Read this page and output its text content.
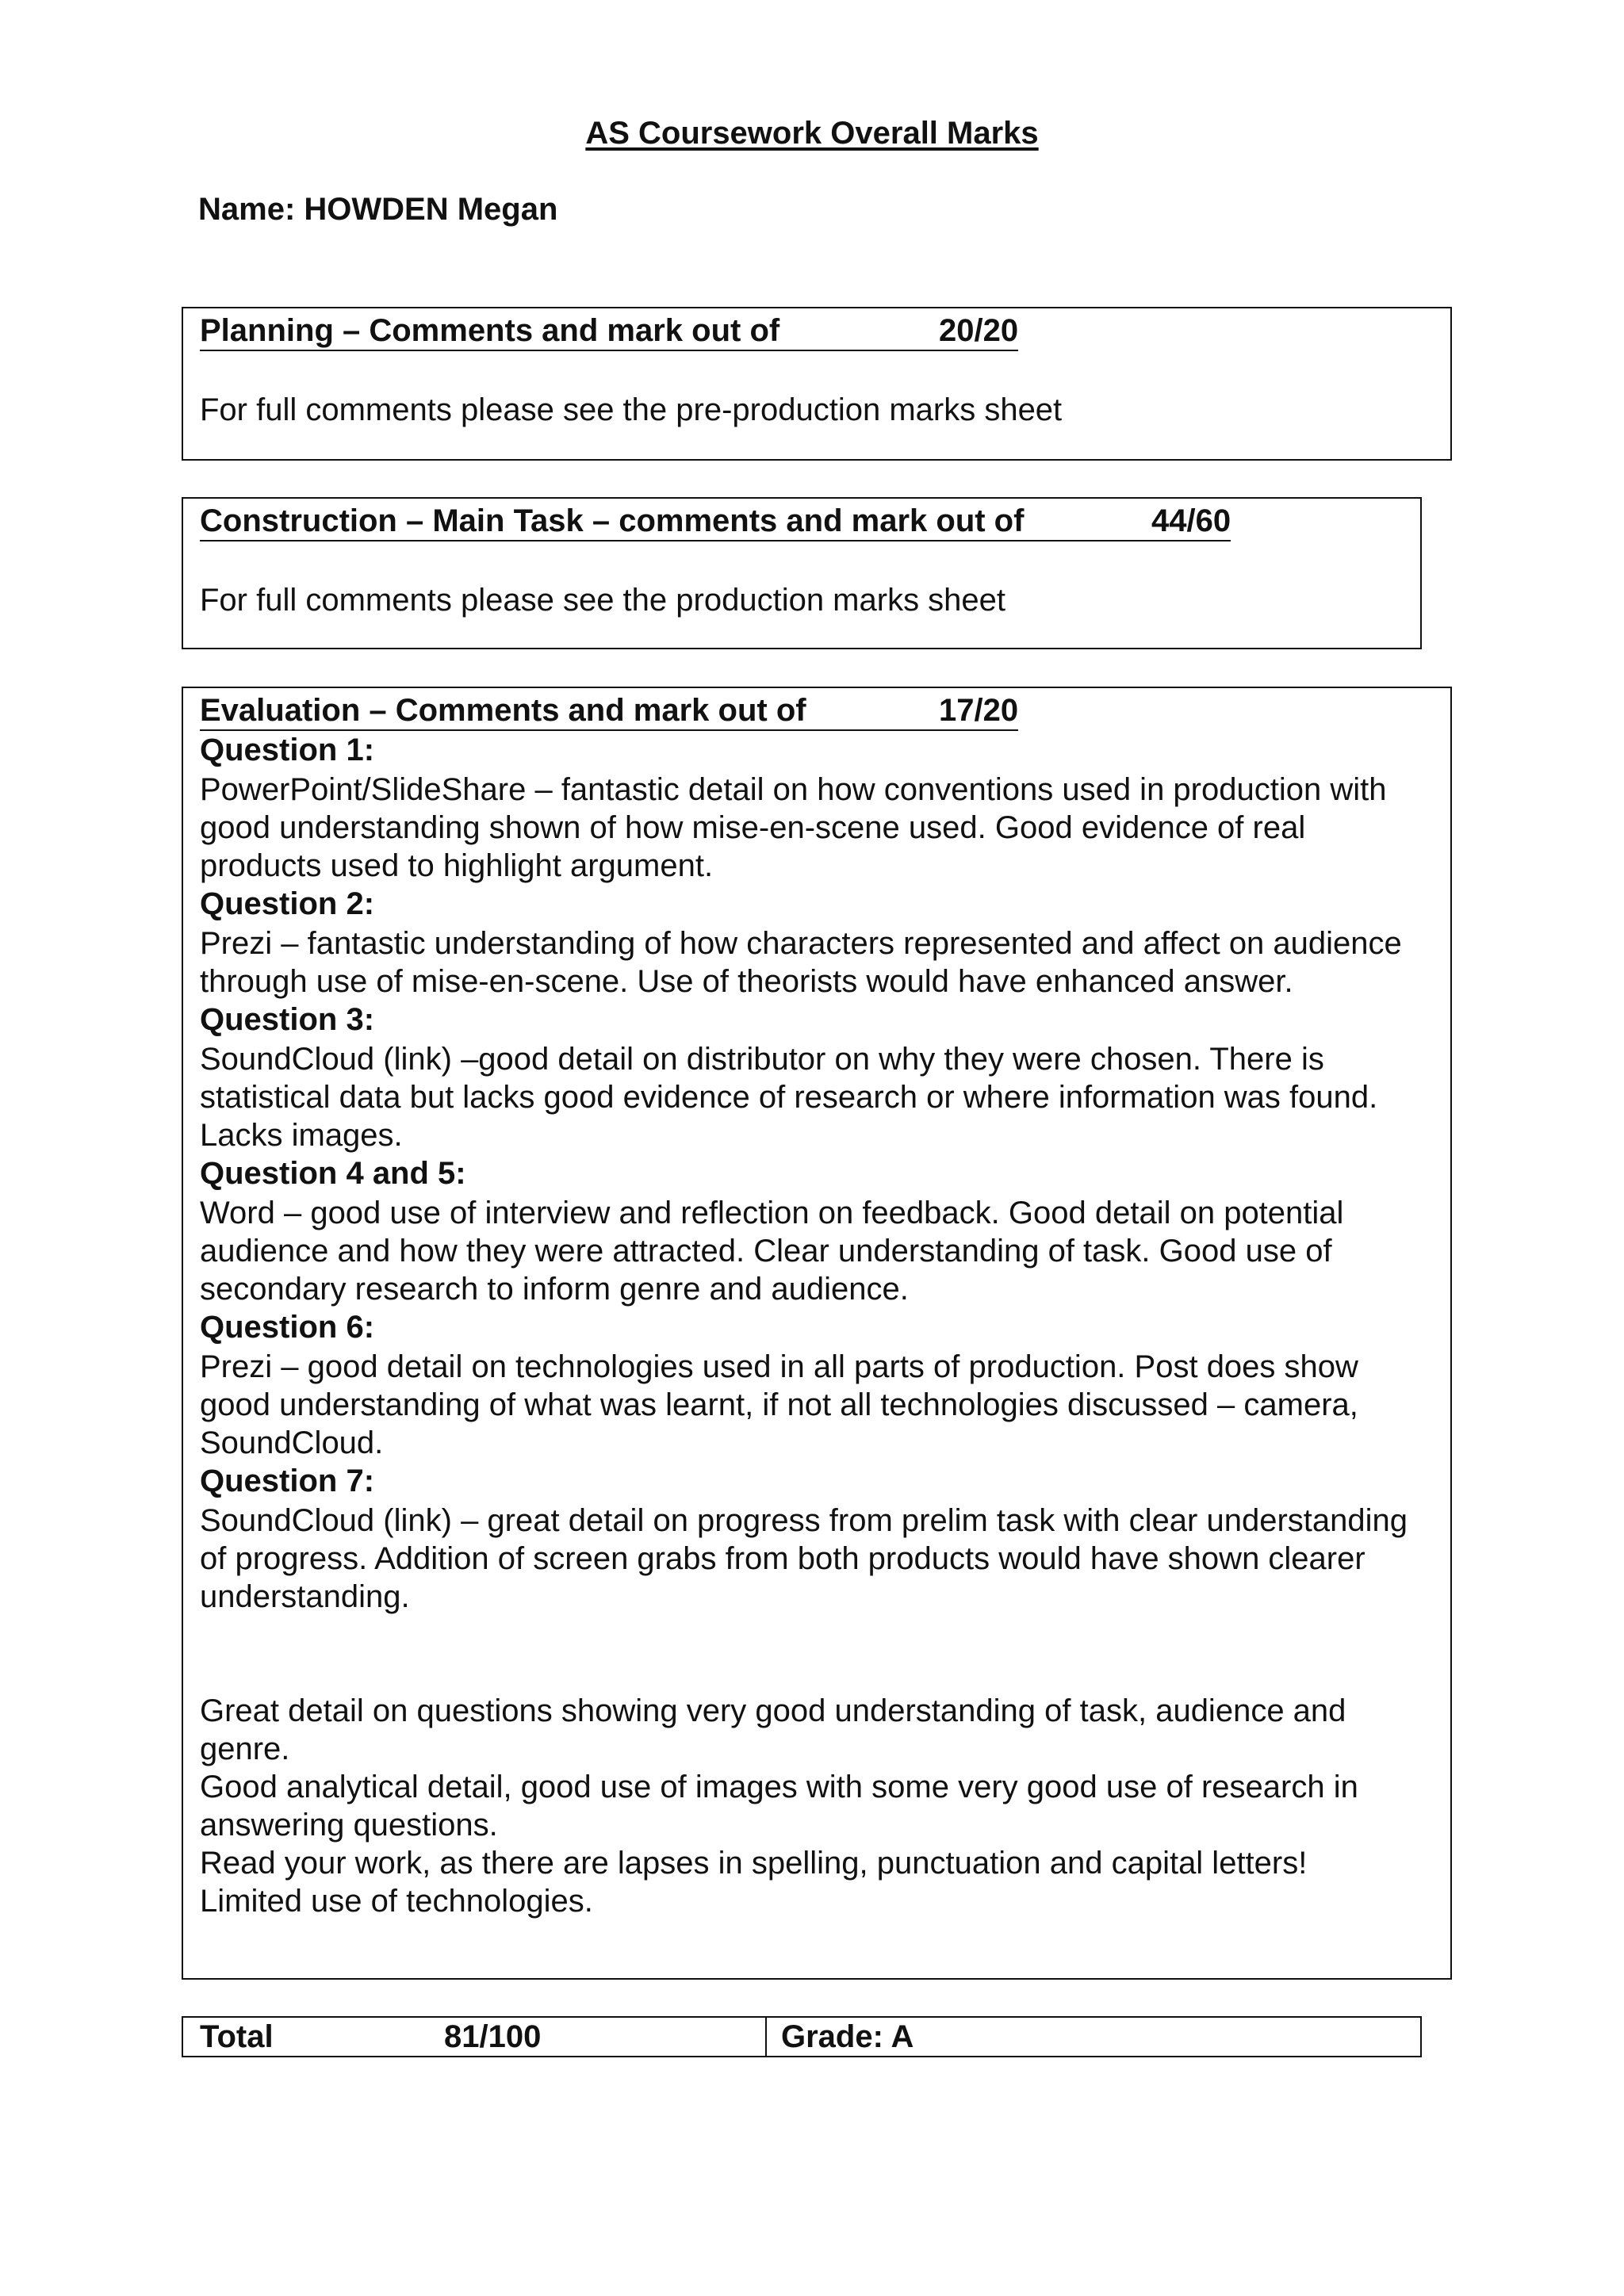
AS Coursework Overall Marks
Name: HOWDEN Megan
Planning – Comments and mark out of	20/20
For full comments please see the pre-production marks sheet
Construction – Main Task – comments and mark out of	44/60
For full comments please see the production marks sheet
Evaluation – Comments and mark out of	17/20
Question 1:
PowerPoint/SlideShare – fantastic detail on how conventions used in production with good understanding shown of how mise-en-scene used. Good evidence of real products used to highlight argument.
Question 2:
Prezi – fantastic understanding of how characters represented and affect on audience through use of mise-en-scene. Use of theorists would have enhanced answer.
Question 3:
SoundCloud (link) –good detail on distributor on why they were chosen. There is statistical data but lacks good evidence of research or where information was found. Lacks images.
Question 4 and 5:
Word – good use of interview and reflection on feedback. Good detail on potential audience and how they were attracted. Clear understanding of task. Good use of secondary research to inform genre and audience.
Question 6:
Prezi – good detail on technologies used in all parts of production. Post does show good understanding of what was learnt, if not all technologies discussed – camera, SoundCloud.
Question 7:
SoundCloud (link) – great detail on progress from prelim task with clear understanding of progress. Addition of screen grabs from both products would have shown clearer understanding.

Great detail on questions showing very good understanding of task, audience and genre.

Good analytical detail, good use of images with some very good use of research in answering questions.

Read your work, as there are lapses in spelling, punctuation and capital letters!

Limited use of technologies.

Total	81/100	Grade: A
